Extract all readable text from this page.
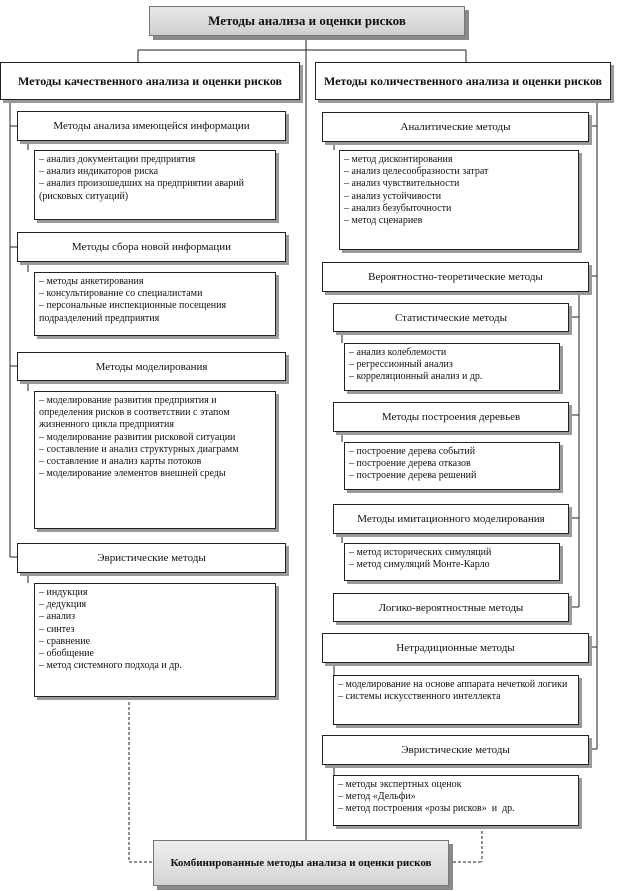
Методы анализа и оценки рисков
Методы качественного анализа и оценки рисков
Методы анализа имеющейся информации
– анализ документации предприятия
– анализ индикаторов риска
– анализ произошедших на предприятии аварий (рисковых ситуаций)
Методы сбора новой информации
– методы анкетирования
– консультирование со специалистами
– персональные инспекционные посещения подразделений предприятия
Методы моделирования
– моделирование развития предприятия и определения рисков в соответствии с этапом жизненного цикла предприятия
– моделирование развития рисковой ситуации
– составление и анализ структурных диаграмм
– составление и анализ карты потоков
– моделирование элементов внешней среды
Эвристические методы
– индукция
– дедукция
– анализ
– синтез
– сравнение
– обобщение
– метод системного подхода и др.
Методы количественного анализа и оценки рисков
Аналитические методы
– метод дисконтирования
– анализ целесообразности затрат
– анализ чувствительности
– анализ устойчивости
– анализ безубыточности
– метод сценариев
Вероятностно-теоретические методы
Статистические методы
– анализ колеблемости
– регрессионный анализ
– корреляционный анализ и др.
Методы построения деревьев
– построение дерева событий
– построение дерева отказов
– построение дерева решений
Методы имитационного моделирования
– метод исторических симуляций
– метод симуляций Монте-Карло
Логико-вероятностные методы
Нетрадиционные методы
– моделирование на основе аппарата нечеткой логики
– системы искусственного интеллекта
Эвристические методы
– методы экспертных оценок
– метод «Дельфи»
– метод построения «розы рисков»  и  др.
Комбинированные методы анализа и оценки рисков
